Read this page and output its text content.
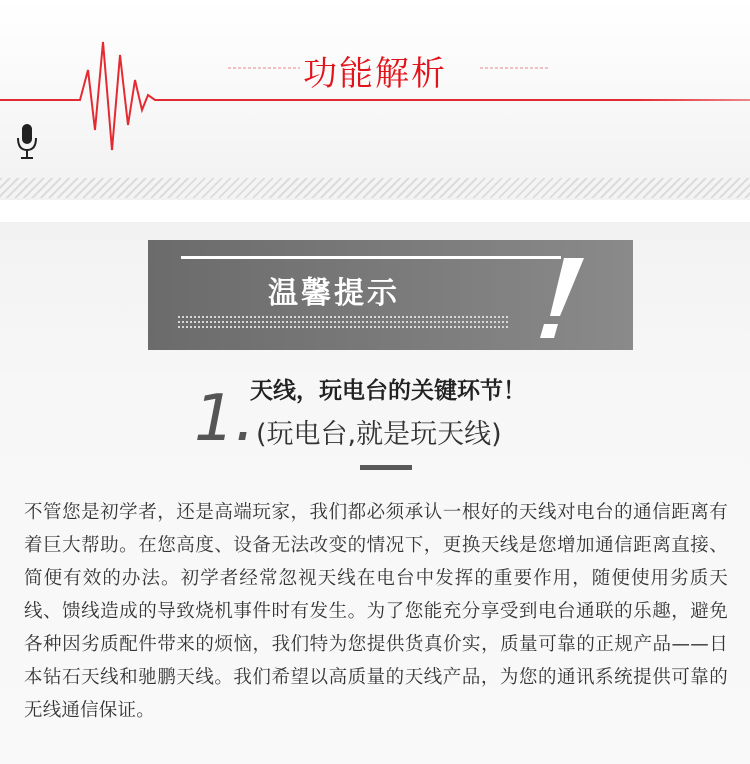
功能解析
温馨提示
1.
天线，玩电台的关键环节！
(玩电台,就是玩天线)
不管您是初学者，还是高端玩家，我们都必须承认一根好的天线对电台的通信距离有着巨大帮助。在您高度、设备无法改变的情况下，更换天线是您增加通信距离直接、简便有效的办法。初学者经常忽视天线在电台中发挥的重要作用，随便使用劣质天线、馈线造成的导致烧机事件时有发生。为了您能充分享受到电台通联的乐趣，避免各种因劣质配件带来的烦恼，我们特为您提供货真价实，质量可靠的正规产品——日本钻石天线和驰鹏天线。我们希望以高质量的天线产品，为您的通讯系统提供可靠的无线通信保证。
